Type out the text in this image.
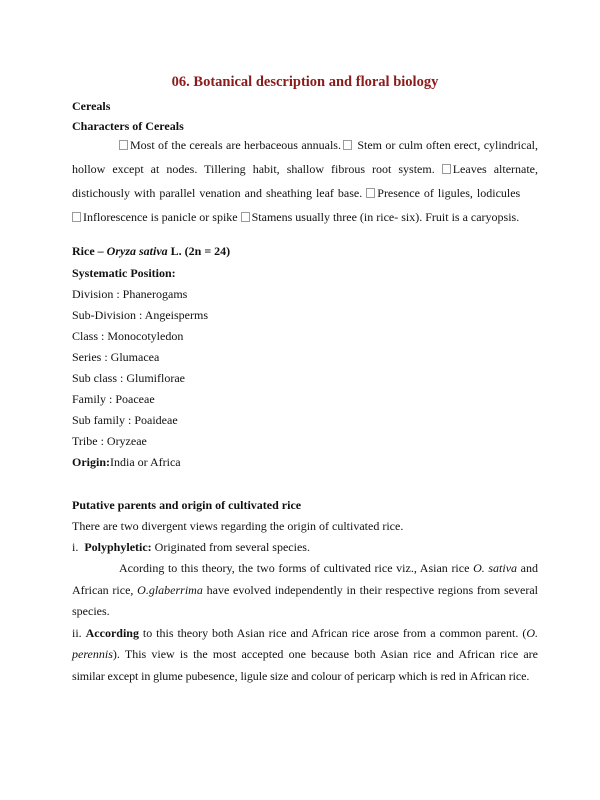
06. Botanical description and floral biology
Cereals
Characters of Cereals
Most of the cereals are herbaceous annuals. Stem or culm often erect, cylindrical,
hollow except at nodes. Tillering habit, shallow fibrous root system. Leaves alternate,
distichously with parallel venation and sheathing leaf base. Presence of ligules, lodicules
Inflorescence is panicle or spike Stamens usually three (in rice- six). Fruit is a caryopsis.
Rice – Oryza sativa L. (2n = 24)
Systematic Position:
Division : Phanerogams
Sub-Division : Angeisperms
Class : Monocotyledon
Series : Glumacea
Sub class : Glumiflorae
Family : Poaceae
Sub family : Poaideae
Tribe : Oryzeae
Origin:India or Africa
Putative parents and origin of cultivated rice
There are two divergent views regarding the origin of cultivated rice.
i. Polyphyletic: Originated from several species.
Acording to this theory, the two forms of cultivated rice viz., Asian rice O. sativa and
African rice, O.glaberrima have evolved independently in their respective regions from several
species.
ii. According to this theory both Asian rice and African rice arose from a common parent. (O.
perennis). This view is the most accepted one because both Asian rice and African rice are
similar except in glume pubesence, ligule size and colour of pericarp which is red in African rice.
